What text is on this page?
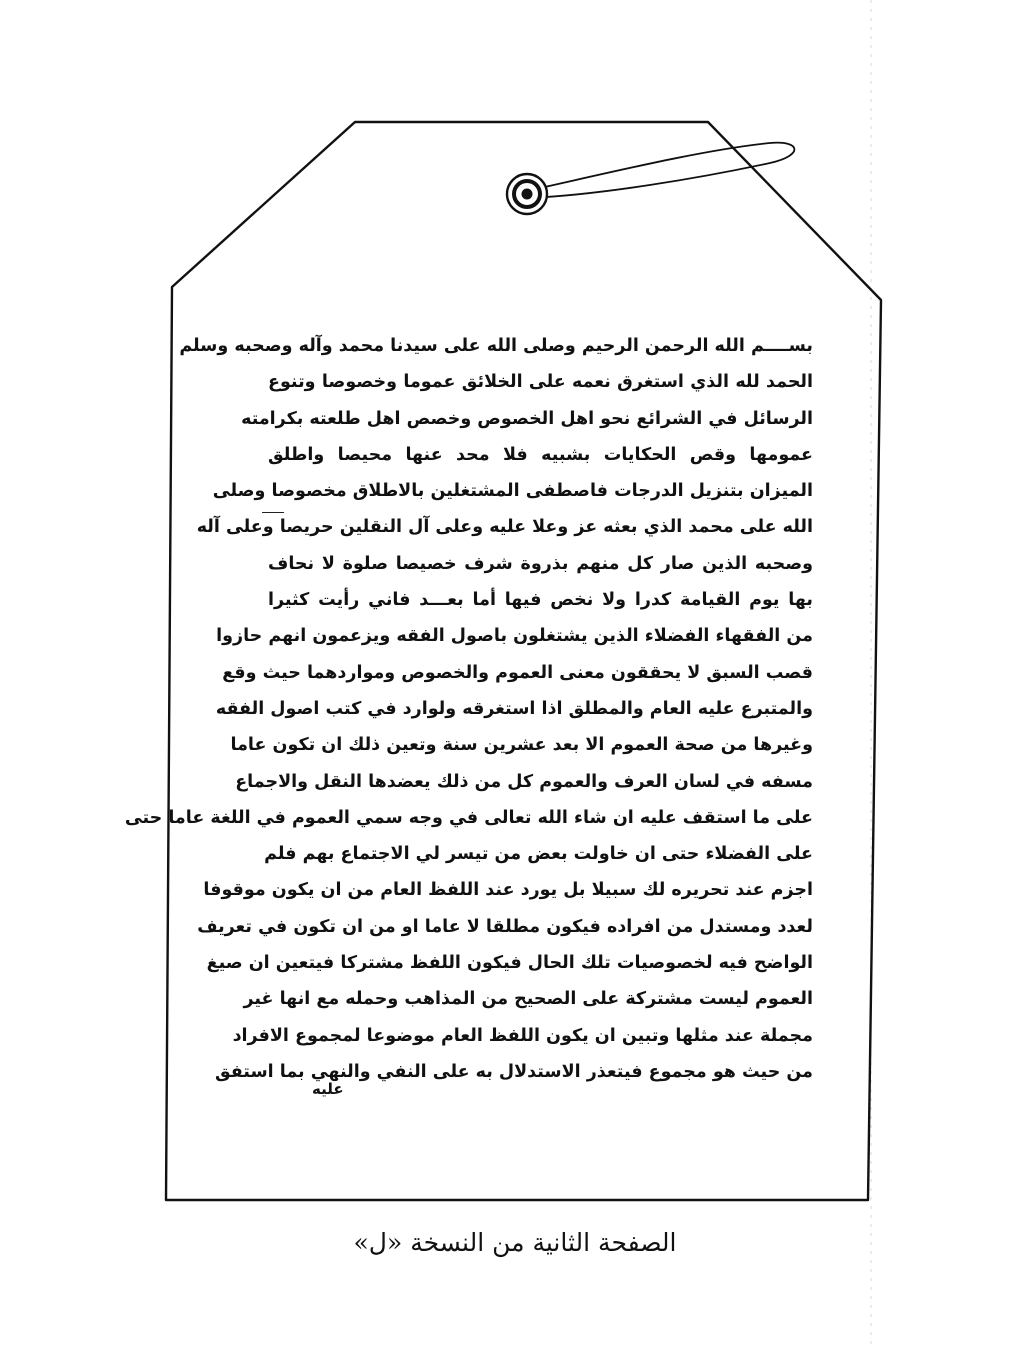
بســــم الله الرحمن الرحيم وصلى الله على سيدنا محمد وآله وصحبه وسلم
الحمد لله الذي استغرق نعمه على الخلائق عموما وخصوصا وتنوع
الرسائل في الشرائع نحو اهل الخصوص وخصص اهل طلعته بكرامته
عمومها وقص الحكايات بشبيه فلا محد عنها محيصا واطلق
الميزان بتنزيل الدرجات فاصطفى المشتغلين بالاطلاق مخصوصا وصلى
الله على محمد الذي بعثه عز وعلا عليه وعلى آل النقلين حريصا وعلى آله
وصحبه الذين صار كل منهم بذروة شرف خصيصا صلوة لا نحاف
بها يوم القيامة كدرا ولا نخص فيها أما بعـــد فاني رأيت كثيرا
من الفقهاء الفضلاء الذين يشتغلون باصول الفقه ويزعمون انهم حازوا
قصب السبق لا يحققون معنى العموم والخصوص ومواردهما حيث وقع
والمتبرع عليه العام والمطلق اذا استغرقه ولوارد في كتب اصول الفقه
وغيرها من صحة العموم الا بعد عشرين سنة وتعين ذلك ان تكون عاما
مسفه في لسان العرف والعموم كل من ذلك يعضدها النقل والاجماع
على ما استقف عليه ان شاء الله تعالى في وجه سمي العموم في اللغة عاما حتى
على الفضلاء حتى ان خاولت بعض من تيسر لي الاجتماع بهم فلم
اجزم عند تحريره لك سبيلا بل يورد عند اللفظ العام من ان يكون موقوفا
لعدد ومستدل من افراده فيكون مطلقا لا عاما او من ان تكون في تعريف
الواضح فيه لخصوصيات تلك الحال فيكون اللفظ مشتركا فيتعين ان صيغ
العموم ليست مشتركة على الصحيح من المذاهب وحمله مع انها غير
مجملة عند مثلها وتبين ان يكون اللفظ العام موضوعا لمجموع الافراد
من حيث هو مجموع فيتعذر الاستدلال به على النفي والنهي بما استفق
عليه
الصفحة الثانية من النسخة «ل»
